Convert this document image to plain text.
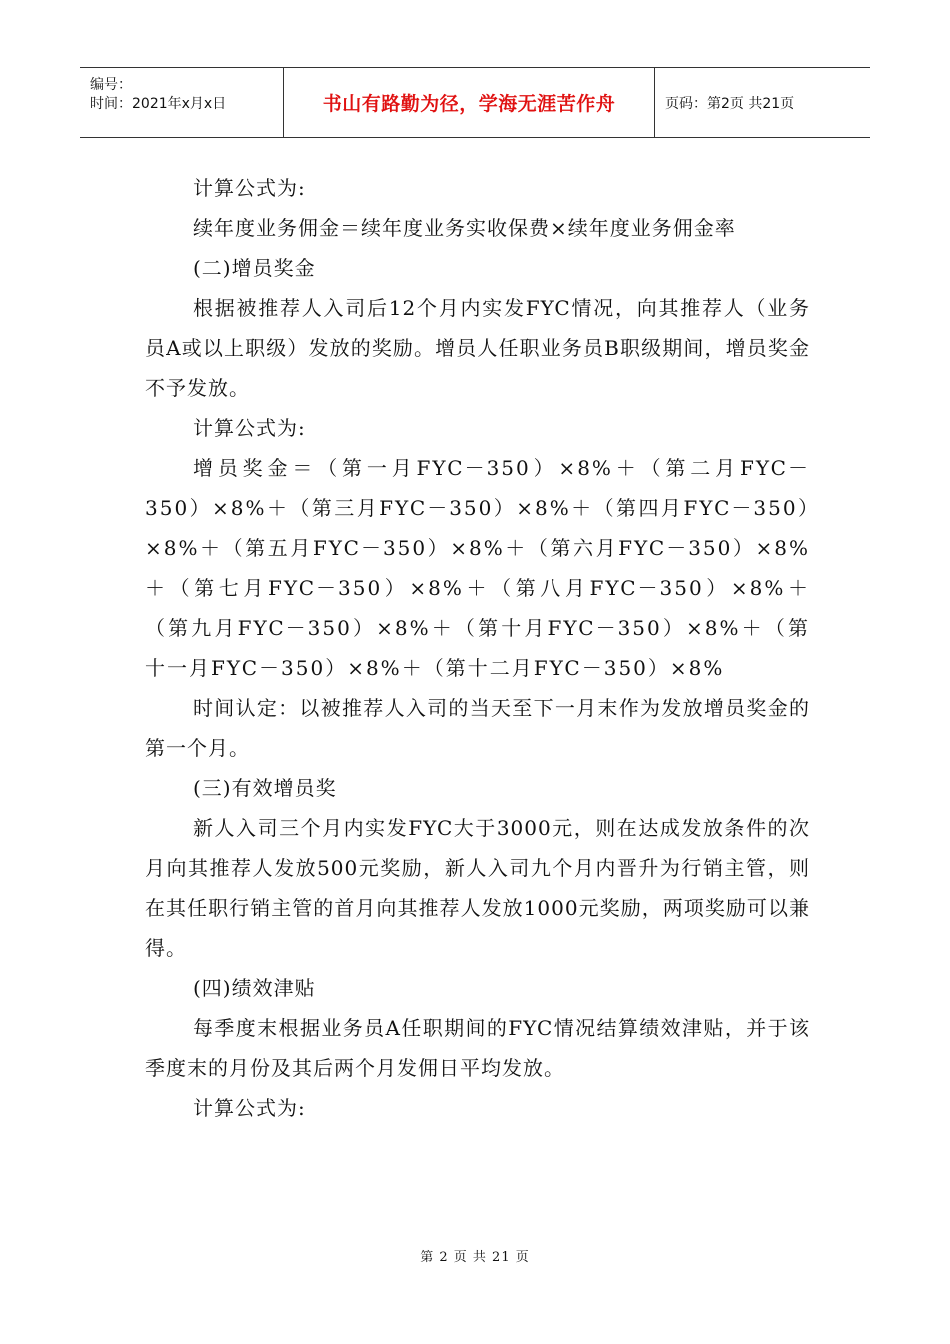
编号：
时间：2021年x月x日	书山有路勤为径，学海无涯苦作舟	页码：第2页 共21页

计算公式为:

续年度业务佣金＝续年度业务实收保费×续年度业务佣金率

(二)增员奖金

根据被推荐人入司后12个月内实发FYC情况，向其推荐人（业务员A或以上职级）发放的奖励。增员人任职业务员B职级期间，增员奖金不予发放。

计算公式为:

增员奖金＝（第一月FYC－350）×8%＋（第二月FYC－350）×8%＋（第三月FYC－350）×8%＋（第四月FYC－350）×8%＋（第五月FYC－350）×8%＋（第六月FYC－350）×8%＋（第七月FYC－350）×8%＋（第八月FYC－350）×8%＋（第九月FYC－350）×8%＋（第十月FYC－350）×8%＋（第十一月FYC－350）×8%＋（第十二月FYC－350）×8%

时间认定：以被推荐人入司的当天至下一月末作为发放增员奖金的第一个月。

(三)有效增员奖

新人入司三个月内实发FYC大于3000元，则在达成发放条件的次月向其推荐人发放500元奖励，新人入司九个月内晋升为行销主管，则在其任职行销主管的首月向其推荐人发放1000元奖励，两项奖励可以兼得。

(四)绩效津贴

每季度末根据业务员A任职期间的FYC情况结算绩效津贴，并于该季度末的月份及其后两个月发佣日平均发放。

计算公式为:

第 2 页 共 21 页
